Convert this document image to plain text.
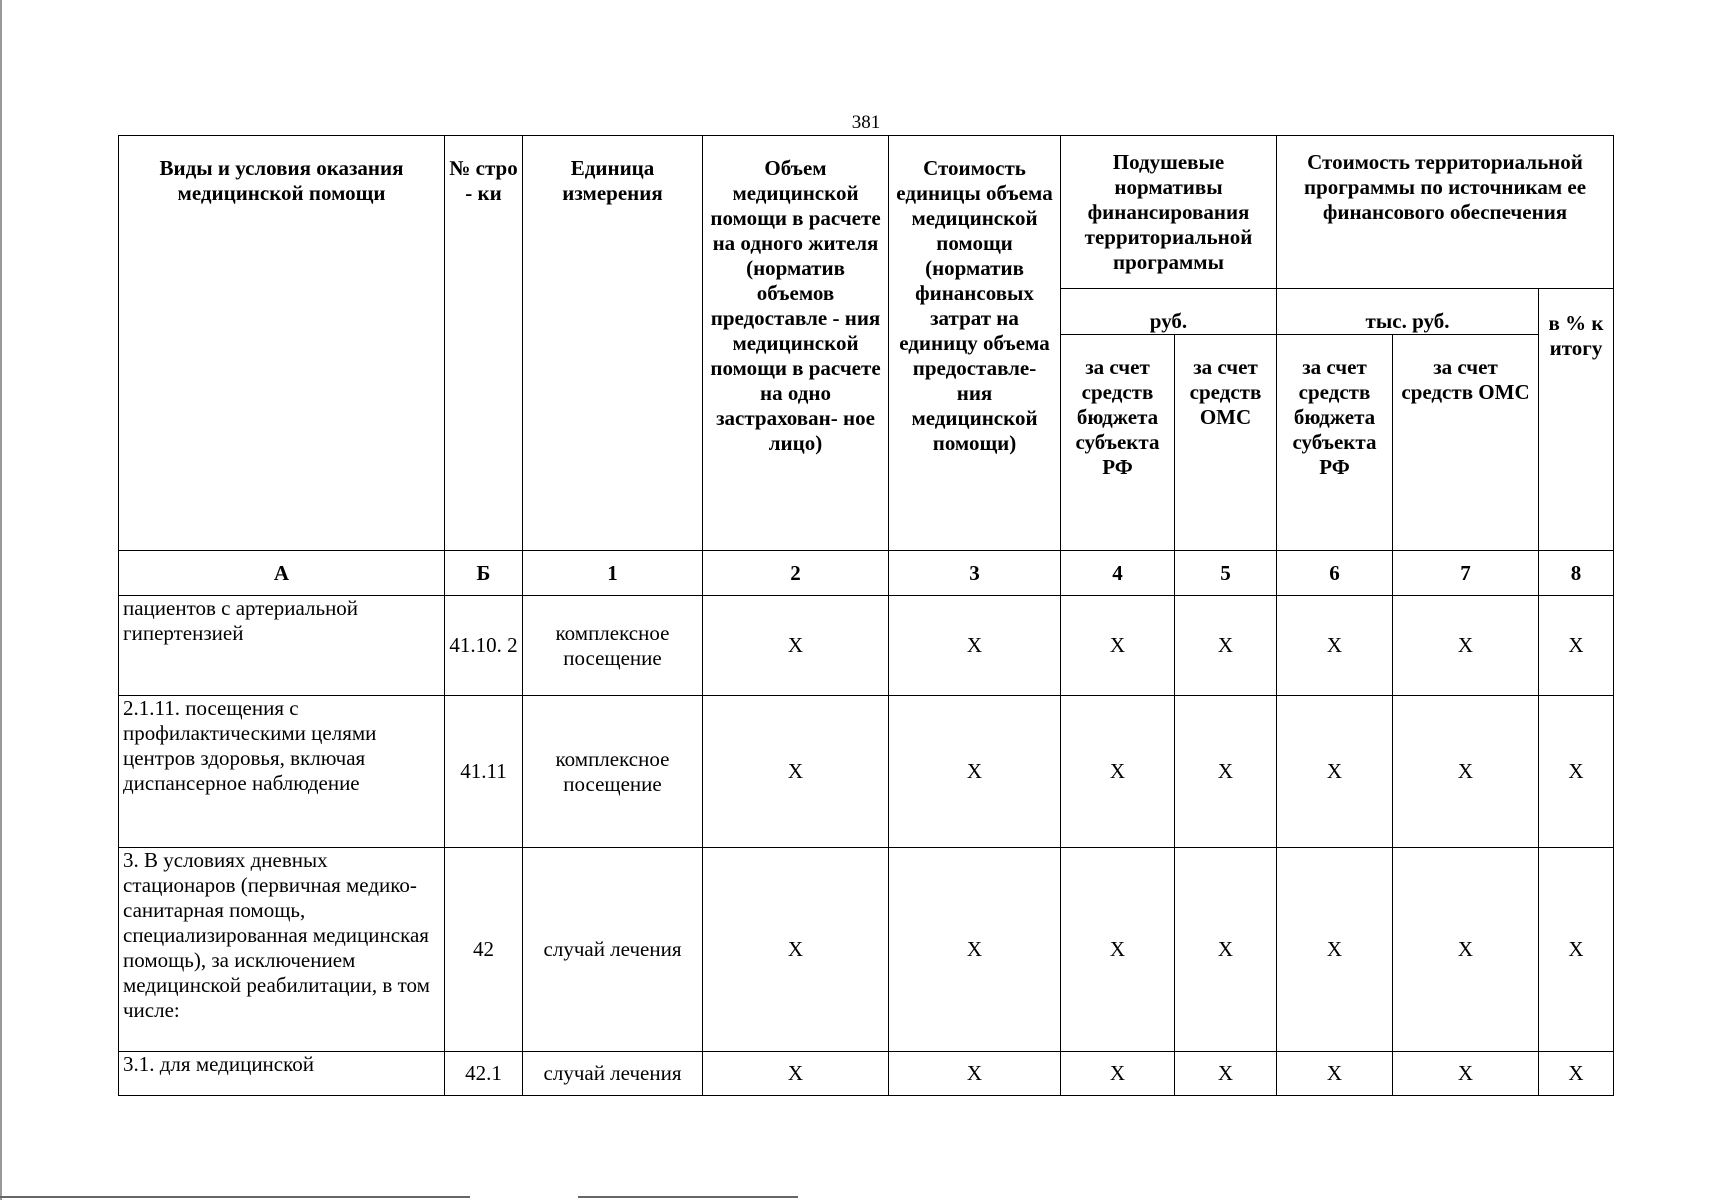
381
Виды и условия оказания медицинской помощи	№ стро - ки	Единица измерения	Объем медицинской помощи в расчете на одного жителя (норматив объемов предоставле - ния медицинской помощи в расчете на одно застрахован- ное лицо)	Стоимость единицы объема медицинской помощи (норматив финансовых затрат на единицу объема предоставле- ния медицинской помощи)	Подушевые нормативы финансирования территориальной программы		Стоимость территориальной программы по источникам ее финансового обеспечения		
					руб.		тыс. руб.		в % к итогу
					за счет средств бюджета субъекта РФ	за счет средств ОМС	за счет средств бюджета субъекта РФ	за счет средств ОМС	
А	Б	1	2	3	4	5	6	7	8
пациентов с артериальной гипертензией	41.10. 2	комплексное посещение	X	X	X	X	X	X	X
2.1.11. посещения с профилактическими целями центров здоровья, включая диспансерное наблюдение	41.11	комплексное посещение	X	X	X	X	X	X	X
3. В условиях дневных стационаров (первичная медико-санитарная помощь, специализированная медицинская помощь), за исключением медицинской реабилитации, в том числе:	42	случай лечения	X	X	X	X	X	X	X
3.1. для медицинской	42.1	случай лечения	X	X	X	X	X	X	X
